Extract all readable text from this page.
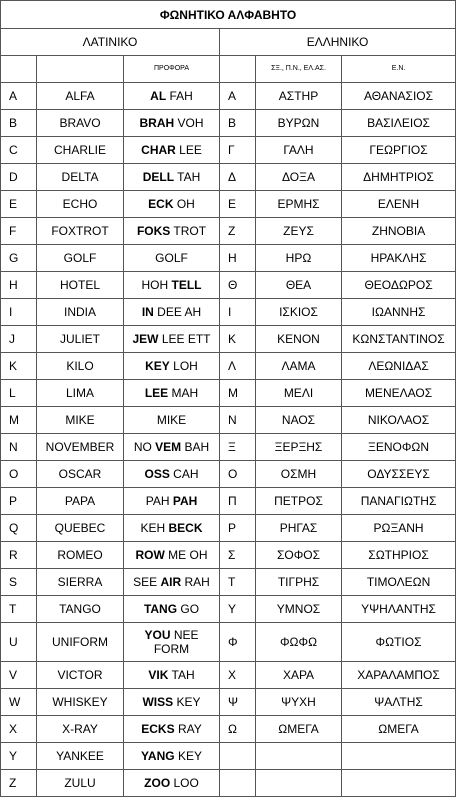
ΦΩΝΗΤΙΚΟ ΑΛΦΑΒΗΤΟ					
ΛΑΤΙΝΙΚΟ			ΕΛΛΗΝΙΚΟ		
		ΠΡΟΦΟΡΑ		ΣΞ., Π.Ν., ΕΛ.ΑΣ.	Ε.Ν.
A	ALFA	AL FAH	A	ΑΣΤΗΡ	ΑΘΑΝΑΣΙΟΣ
B	BRAVO	BRAH VOH	B	ΒΥΡΩΝ	ΒΑΣΙΛΕΙΟΣ
C	CHARLIE	CHAR LEE	Γ	ΓΑΛΗ	ΓΕΩΡΓΙΟΣ
D	DELTA	DELL TAH	Δ	ΔΟΞΑ	ΔΗΜΗΤΡΙΟΣ
E	ECHO	ECK OH	E	ΕΡΜΗΣ	ΕΛΕΝΗ
F	FOXTROT	FOKS TROT	Z	ΖΕΥΣ	ΖΗΝΟΒΙΑ
G	GOLF	GOLF	H	ΗΡΩ	ΗΡΑΚΛΗΣ
H	HOTEL	HOH TELL	Θ	ΘΕΑ	ΘΕΟΔΩΡΟΣ
I	INDIA	IN DEE AH	I	ΙΣΚΙΟΣ	ΙΩΑΝΝΗΣ
J	JULIET	JEW LEE ETT	K	ΚΕΝΟΝ	ΚΩΝΣΤΑΝΤΙΝΟΣ
K	KILO	KEY LOH	Λ	ΛΑΜΑ	ΛΕΩΝΙΔΑΣ
L	LIMA	LEE MAH	M	ΜΕΛΙ	ΜΕΝΕΛΑΟΣ
M	MIKE	MIKE	N	ΝΑΟΣ	ΝΙΚΟΛΑΟΣ
N	NOVEMBER	NO VEM BAH	Ξ	ΞΕΡΞΗΣ	ΞΕΝΟΦΩΝ
O	OSCAR	OSS CAH	O	ΟΣΜΗ	ΟΔΥΣΣΕΥΣ
P	PAPA	PAH PAH	Π	ΠΕΤΡΟΣ	ΠΑΝΑΓΙΩΤΗΣ
Q	QUEBEC	KEH BECK	P	ΡΗΓΑΣ	ΡΩΞΑΝΗ
R	ROMEO	ROW ME OH	Σ	ΣΟΦΟΣ	ΣΩΤΗΡΙΟΣ
S	SIERRA	SEE AIR RAH	T	ΤΙΓΡΗΣ	ΤΙΜΟΛΕΩΝ
T	TANGO	TANG GO	Y	ΥΜΝΟΣ	ΥΨΗΛΑΝΤΗΣ
U	UNIFORM	YOU NEE FORM	Φ	ΦΩΦΩ	ΦΩΤΙΟΣ
V	VICTOR	VIK TAH	X	ΧΑΡΑ	ΧΑΡΑΛΑΜΠΟΣ
W	WHISKEY	WISS KEY	Ψ	ΨΥΧΗ	ΨΑΛΤΗΣ
X	X-RAY	ECKS RAY	Ω	ΩΜΕΓΑ	ΩΜΕΓΑ
Y	YANKEE	YANG KEY			
Z	ZULU	ZOO LOO			
